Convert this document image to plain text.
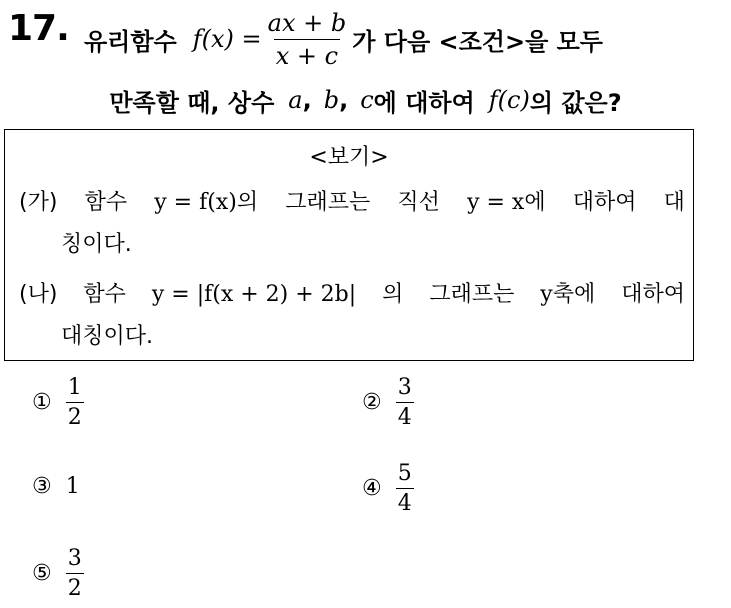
17. 유리함수 $f(x) = \frac{ax + b}{x + c}$ 가 다음 <조건>을 모두
만족할 때, 상수 a , b , c 에 대하여 f(c) 의 값은?
<보기>
(가) 함수 y = f(x)의 그래프는 직선 y = x에 대하여 대
칭이다.
(나) 함수 y = |f(x + 2) + 2b| 의 그래프는 y축에 대하여
대칭이다.
① $\frac{1}{2}$	② $\frac{3}{4}$
③ 1	④ $\frac{5}{4}$
⑤ $\frac{3}{2}$
